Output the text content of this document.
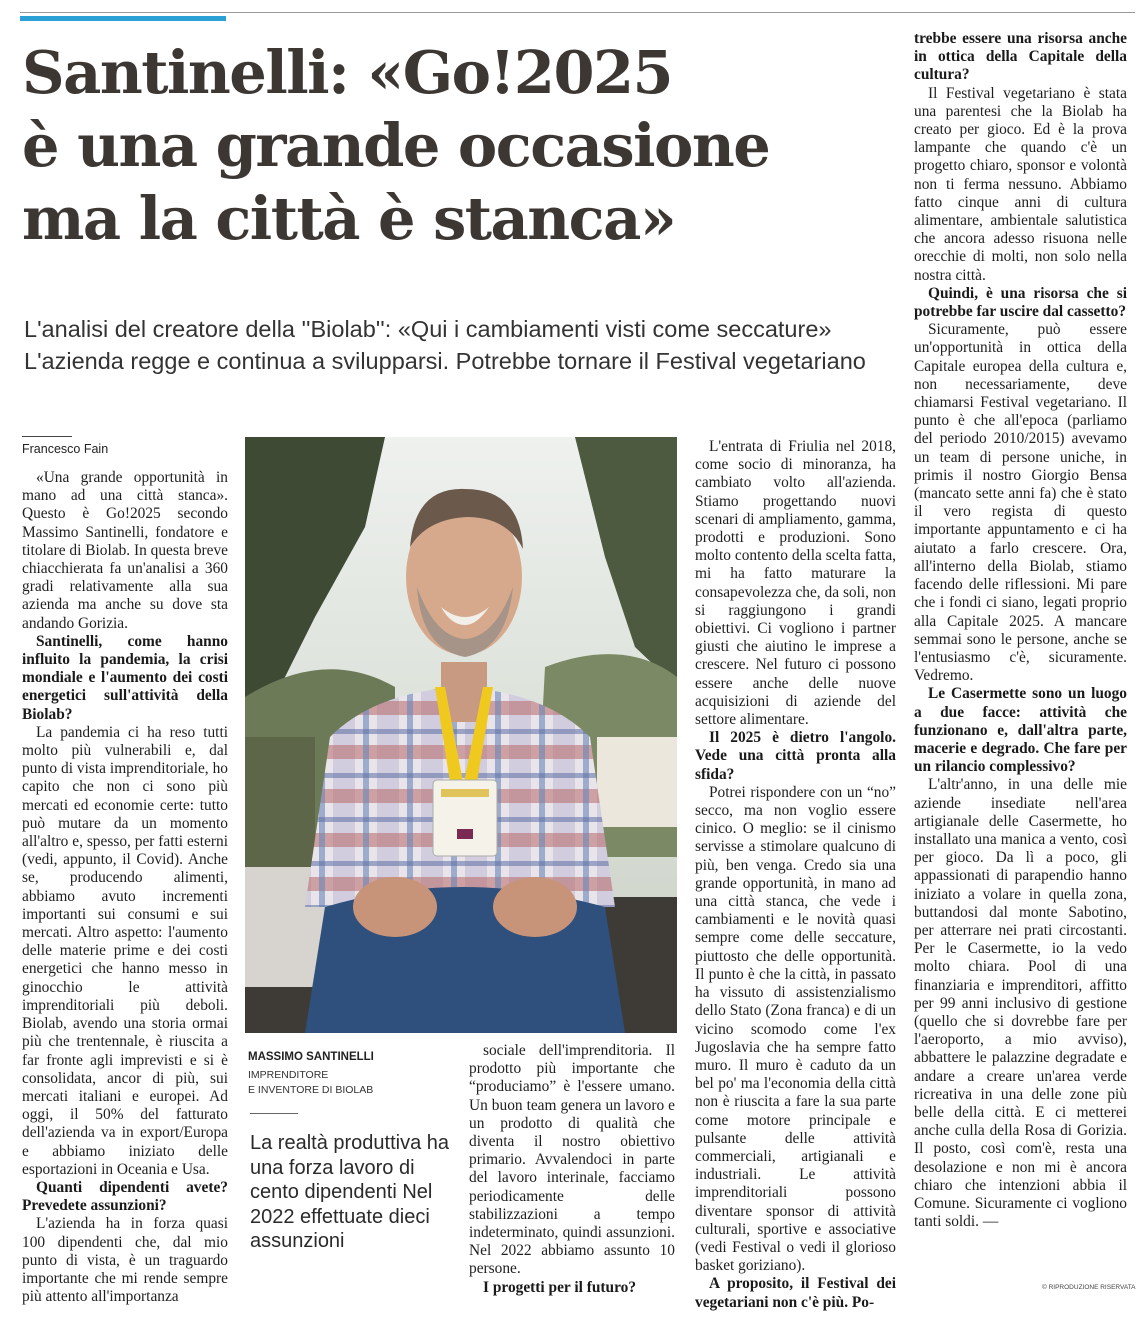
Santinelli: «Go!2025
è una grande occasione
ma la città è stanca»

L'analisi del creatore della ''Biolab'': «Qui i cambiamenti visti come seccature»
L'azienda regge e continua a svilupparsi. Potrebbe tornare il Festival vegetariano

Francesco Fain

«Una grande opportunità in mano ad una città stanca». Questo è Go!2025 secondo Massimo Santinelli, fondatore e titolare di Biolab. In questa breve chiacchierata fa un'analisi a 360 gradi relativamente alla sua azienda ma anche su dove sta andando Gorizia.

Santinelli, come hanno influito la pandemia, la crisi mondiale e l'aumento dei costi energetici sull'attività della Biolab?

La pandemia ci ha reso tutti molto più vulnerabili e, dal punto di vista imprenditoriale, ho capito che non ci sono più mercati ed economie certe: tutto può mutare da un momento all'altro e, spesso, per fatti esterni (vedi, appunto, il Covid). Anche se, producendo alimenti, abbiamo avuto incrementi importanti sui consumi e sui mercati. Altro aspetto: l'aumento delle materie prime e dei costi energetici che hanno messo in ginocchio le attività imprenditoriali più deboli. Biolab, avendo una storia ormai più che trentennale, è riuscita a far fronte agli imprevisti e si è consolidata, ancor di più, sui mercati italiani e europei. Ad oggi, il 50% del fatturato dell'azienda va in export/Europa e abbiamo iniziato delle esportazioni in Oceania e Usa.

Quanti dipendenti avete? Prevedete assunzioni?

L'azienda ha in forza quasi 100 dipendenti che, dal mio punto di vista, è un traguardo importante che mi rende sempre più attento all'importanza

MASSIMO SANTINELLI
IMPRENDITORE
E INVENTORE DI BIOLAB

La realtà produttiva ha una forza lavoro di cento dipendenti Nel 2022 effettuate dieci assunzioni

sociale dell'imprenditoria. Il prodotto più importante che “produciamo” è l'essere umano. Un buon team genera un lavoro e un prodotto di qualità che diventa il nostro obiettivo primario. Avvalendoci in parte del lavoro interinale, facciamo periodicamente delle stabilizzazioni a tempo indeterminato, quindi assunzioni. Nel 2022 abbiamo assunto 10 persone.

I progetti per il futuro?

L'entrata di Friulia nel 2018, come socio di minoranza, ha cambiato volto all'azienda. Stiamo progettando nuovi scenari di ampliamento, gamma, prodotti e produzioni. Sono molto contento della scelta fatta, mi ha fatto maturare la consapevolezza che, da soli, non si raggiungono i grandi obiettivi. Ci vogliono i partner giusti che aiutino le imprese a crescere. Nel futuro ci possono essere anche delle nuove acquisizioni di aziende del settore alimentare.

Il 2025 è dietro l'angolo. Vede una città pronta alla sfida?

Potrei rispondere con un “no” secco, ma non voglio essere cinico. O meglio: se il cinismo servisse a stimolare qualcuno di più, ben venga. Credo sia una grande opportunità, in mano ad una città stanca, che vede i cambiamenti e le novità quasi sempre come delle seccature, piuttosto che delle opportunità. Il punto è che la città, in passato ha vissuto di assistenzialismo dello Stato (Zona franca) e di un vicino scomodo come l'ex Jugoslavia che ha sempre fatto muro. Il muro è caduto da un bel po' ma l'economia della città non è riuscita a fare la sua parte come motore principale e pulsante delle attività commerciali, artigianali e industriali. Le attività imprenditoriali possono diventare sponsor di attività culturali, sportive e associative (vedi Festival o vedi il glorioso basket goriziano).

A proposito, il Festival dei vegetariani non c'è più. Po-

trebbe essere una risorsa anche in ottica della Capitale della cultura?

Il Festival vegetariano è stata una parentesi che la Biolab ha creato per gioco. Ed è la prova lampante che quando c'è un progetto chiaro, sponsor e volontà non ti ferma nessuno. Abbiamo fatto cinque anni di cultura alimentare, ambientale salutistica che ancora adesso risuona nelle orecchie di molti, non solo nella nostra città.

Quindi, è una risorsa che si potrebbe far uscire dal cassetto?

Sicuramente, può essere un'opportunità in ottica della Capitale europea della cultura e, non necessariamente, deve chiamarsi Festival vegetariano. Il punto è che all'epoca (parliamo del periodo 2010/2015) avevamo un team di persone uniche, in primis il nostro Giorgio Bensa (mancato sette anni fa) che è stato il vero regista di questo importante appuntamento e ci ha aiutato a farlo crescere. Ora, all'interno della Biolab, stiamo facendo delle riflessioni. Mi pare che i fondi ci siano, legati proprio alla Capitale 2025. A mancare semmai sono le persone, anche se l'entusiasmo c'è, sicuramente. Vedremo.

Le Casermette sono un luogo a due facce: attività che funzionano e, dall'altra parte, macerie e degrado. Che fare per un rilancio complessivo?

L'altr'anno, in una delle mie aziende insediate nell'area artigianale delle Casermette, ho installato una manica a vento, così per gioco. Da lì a poco, gli appassionati di parapendio hanno iniziato a volare in quella zona, buttandosi dal monte Sabotino, per atterrare nei prati circostanti. Per le Casermette, io la vedo molto chiara. Pool di una finanziaria e imprenditori, affitto per 99 anni inclusivo di gestione (quello che si dovrebbe fare per l'aeroporto, a mio avviso), abbattere le palazzine degradate e andare a creare un'area verde ricreativa in una delle zone più belle della città. E ci metterei anche culla della Rosa di Gorizia. Il posto, così com'è, resta una desolazione e non mi è ancora chiaro che intenzioni abbia il Comune. Sicuramente ci vogliono tanti soldi. —

© RIPRODUZIONE RISERVATA
